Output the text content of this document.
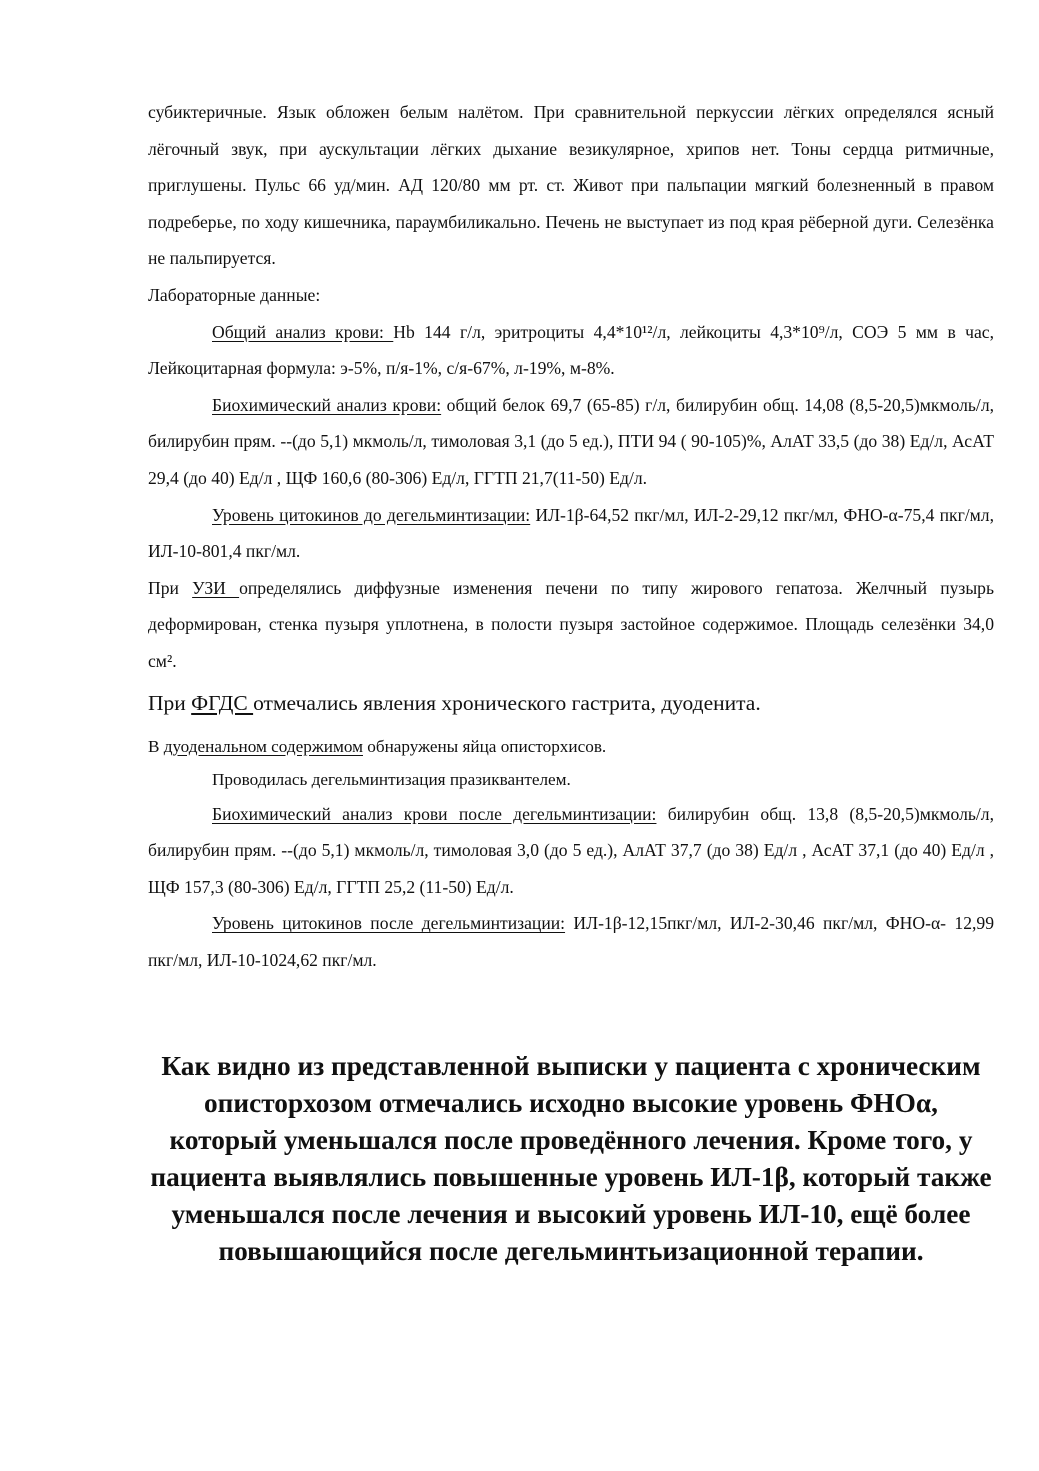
субиктеричные. Язык обложен белым налётом. При сравнительной перкуссии лёгких определялся ясный лёгочный звук, при аускультации лёгких дыхание везикулярное, хрипов нет. Тоны сердца ритмичные, приглушены. Пульс 66 уд/мин. АД 120/80 мм рт. ст. Живот при пальпации мягкий болезненный в правом подреберье, по ходу кишечника, параумбиликально. Печень не выступает из под края рёберной дуги. Селезёнка не пальпируется.

Лабораторные данные:

Общий анализ крови: Hb 144 г/л, эритроциты 4,4*10¹²/л, лейкоциты 4,3*10⁹/л, СОЭ 5 мм в час, Лейкоцитарная формула: э-5%, п/я-1%, с/я-67%, л-19%, м-8%.

Биохимический анализ крови: общий белок 69,7 (65-85) г/л, билирубин общ. 14,08 (8,5-20,5)мкмоль/л, билирубин прям. --(до 5,1) мкмоль/л, тимоловая 3,1 (до 5 ед.), ПТИ 94 ( 90-105)%, АлАТ 33,5 (до 38) Ед/л, АсАТ 29,4 (до 40) Ед/л , ЩФ 160,6 (80-306) Ед/л, ГГТП 21,7(11-50) Ед/л.

Уровень цитокинов до дегельминтизации: ИЛ-1β-64,52 пкг/мл, ИЛ-2-29,12 пкг/мл, ФНО-α-75,4 пкг/мл, ИЛ-10-801,4 пкг/мл.

При УЗИ определялись диффузные изменения печени по типу жирового гепатоза. Желчный пузырь деформирован, стенка пузыря уплотнена, в полости пузыря застойное содержимое. Площадь селезёнки 34,0 см².

При ФГДС отмечались явления хронического гастрита, дуоденита.

В дуоденальном содержимом обнаружены яйца описторхисов.

Проводилась дегельминтизация празиквантелем.

Биохимический анализ крови после дегельминтизации: билирубин общ. 13,8 (8,5-20,5)мкмоль/л, билирубин прям. --(до 5,1) мкмоль/л, тимоловая 3,0 (до 5 ед.), АлАТ 37,7 (до 38) Ед/л , АсАТ 37,1 (до 40) Ед/л , ЩФ 157,3 (80-306) Ед/л, ГГТП 25,2 (11-50) Ед/л.

Уровень цитокинов после дегельминтизации: ИЛ-1β-12,15пкг/мл, ИЛ-2-30,46 пкг/мл, ФНО-α- 12,99 пкг/мл, ИЛ-10-1024,62 пкг/мл.

Как видно из представленной выписки у пациента с хроническим описторхозом отмечались исходно высокие уровень ФНОα, который уменьшался после проведённого лечения. Кроме того, у пациента выявлялись повышенные уровень ИЛ-1β, который также уменьшался после лечения и высокий уровень ИЛ-10, ещё более повышающийся после дегельминтьизационной терапии.
